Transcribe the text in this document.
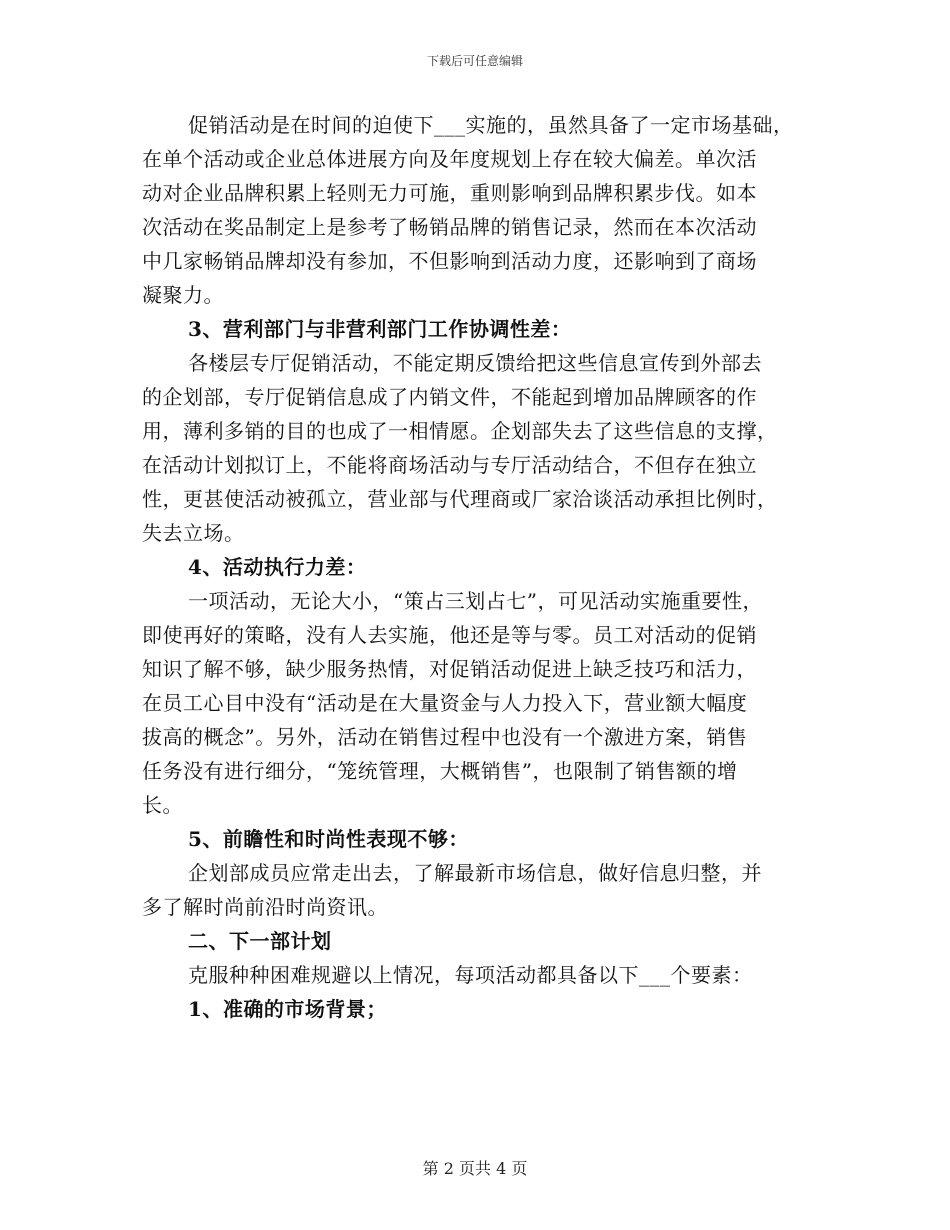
下载后可任意编辑
促销活动是在时间的迫使下___实施的，虽然具备了一定市场基础，
在单个活动或企业总体进展方向及年度规划上存在较大偏差。单次活
动对企业品牌积累上轻则无力可施，重则影响到品牌积累步伐。如本
次活动在奖品制定上是参考了畅销品牌的销售记录，然而在本次活动
中几家畅销品牌却没有参加，不但影响到活动力度，还影响到了商场
凝聚力。
3、营利部门与非营利部门工作协调性差：
各楼层专厅促销活动，不能定期反馈给把这些信息宣传到外部去
的企划部，专厅促销信息成了内销文件，不能起到增加品牌顾客的作
用，薄利多销的目的也成了一相情愿。企划部失去了这些信息的支撑，
在活动计划拟订上，不能将商场活动与专厅活动结合，不但存在独立
性，更甚使活动被孤立，营业部与代理商或厂家洽谈活动承担比例时，
失去立场。
4、活动执行力差：
一项活动，无论大小，“策占三划占七”，可见活动实施重要性，
即使再好的策略，没有人去实施，他还是等与零。员工对活动的促销
知识了解不够，缺少服务热情，对促销活动促进上缺乏技巧和活力，
在员工心目中没有“活动是在大量资金与人力投入下，营业额大幅度
拔高的概念”。另外，活动在销售过程中也没有一个激进方案，销售
任务没有进行细分，“笼统管理，大概销售”，也限制了销售额的增
长。
5、前瞻性和时尚性表现不够：
企划部成员应常走出去，了解最新市场信息，做好信息归整，并
多了解时尚前沿时尚资讯。
二、下一部计划
克服种种困难规避以上情况，每项活动都具备以下___个要素：
1、准确的市场背景；
第 2 页共 4 页
